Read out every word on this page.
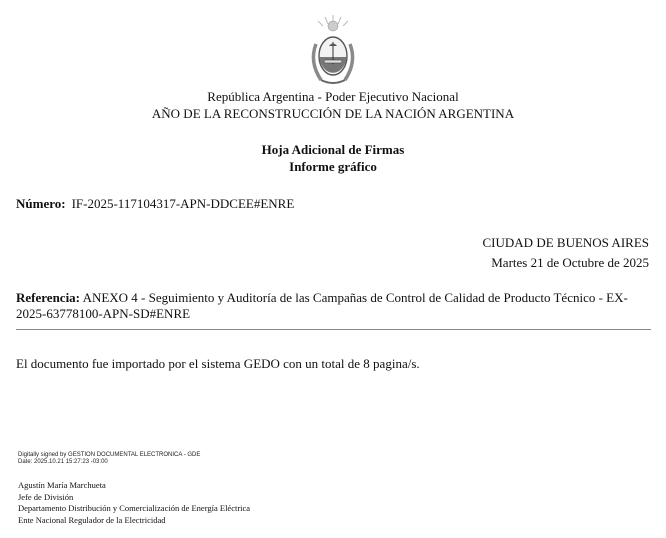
República Argentina - Poder Ejecutivo Nacional
AÑO DE LA RECONSTRUCCIÓN DE LA NACIÓN ARGENTINA
Hoja Adicional de Firmas
Informe gráfico
Número: IF-2025-117104317-APN-DDCEE#ENRE
CIUDAD DE BUENOS AIRES
Martes 21 de Octubre de 2025
Referencia: ANEXO 4 - Seguimiento y Auditoría de las Campañas de Control de Calidad de Producto Técnico - EX-2025-63778100-APN-SD#ENRE
El documento fue importado por el sistema GEDO con un total de 8 pagina/s.
Digitally signed by GESTION DOCUMENTAL ELECTRONICA - GDE
Date: 2025.10.21 15:27:23 -03:00
Agustín María Marchueta
Jefe de División
Departamento Distribución y Comercialización de Energía Eléctrica
Ente Nacional Regulador de la Electricidad
